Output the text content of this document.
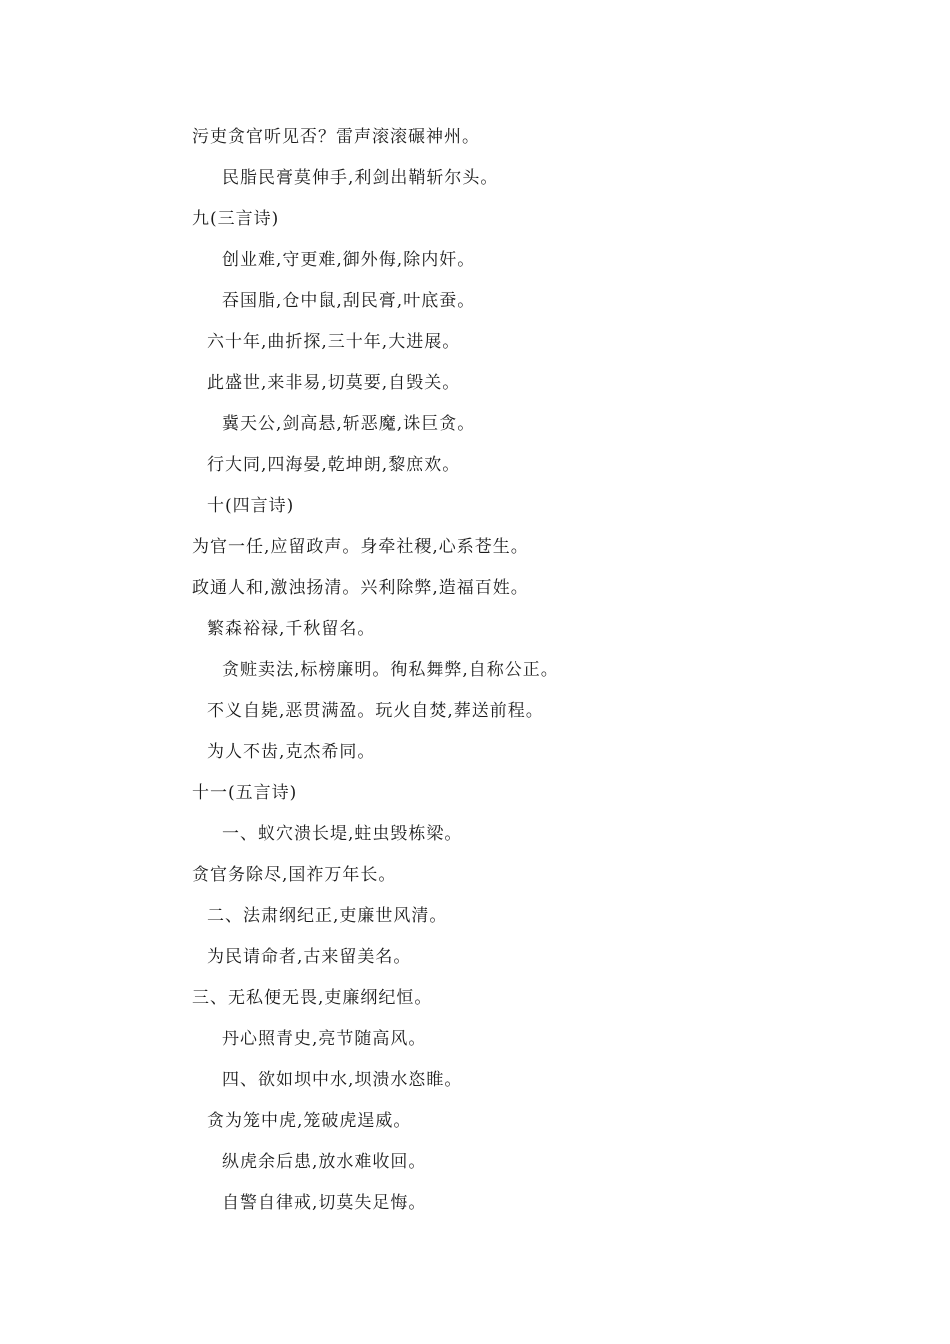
污吏贪官听见否？雷声滚滚碾神州。
民脂民膏莫伸手,利剑出鞘斩尔头。
九(三言诗)
创业难,守更难,御外侮,除内奸。
吞国脂,仓中鼠,刮民膏,叶底蚕。
六十年,曲折探,三十年,大进展。
此盛世,来非易,切莫要,自毁关。
冀天公,剑高悬,斩恶魔,诛巨贪。
行大同,四海晏,乾坤朗,黎庶欢。
十(四言诗)
为官一任,应留政声。身牵社稷,心系苍生。
政通人和,激浊扬清。兴利除弊,造福百姓。
繁森裕禄,千秋留名。
贪赃卖法,标榜廉明。徇私舞弊,自称公正。
不义自毙,恶贯满盈。玩火自焚,葬送前程。
为人不齿,克杰希同。
十一(五言诗)
一、蚁穴溃长堤,蛀虫毁栋梁。
贪官务除尽,国祚万年长。
二、法肃纲纪正,吏廉世风清。
为民请命者,古来留美名。
三、无私便无畏,吏廉纲纪恒。
丹心照青史,亮节随高风。
四、欲如坝中水,坝溃水恣睢。
贪为笼中虎,笼破虎逞威。
纵虎余后患,放水难收回。
自警自律戒,切莫失足悔。
